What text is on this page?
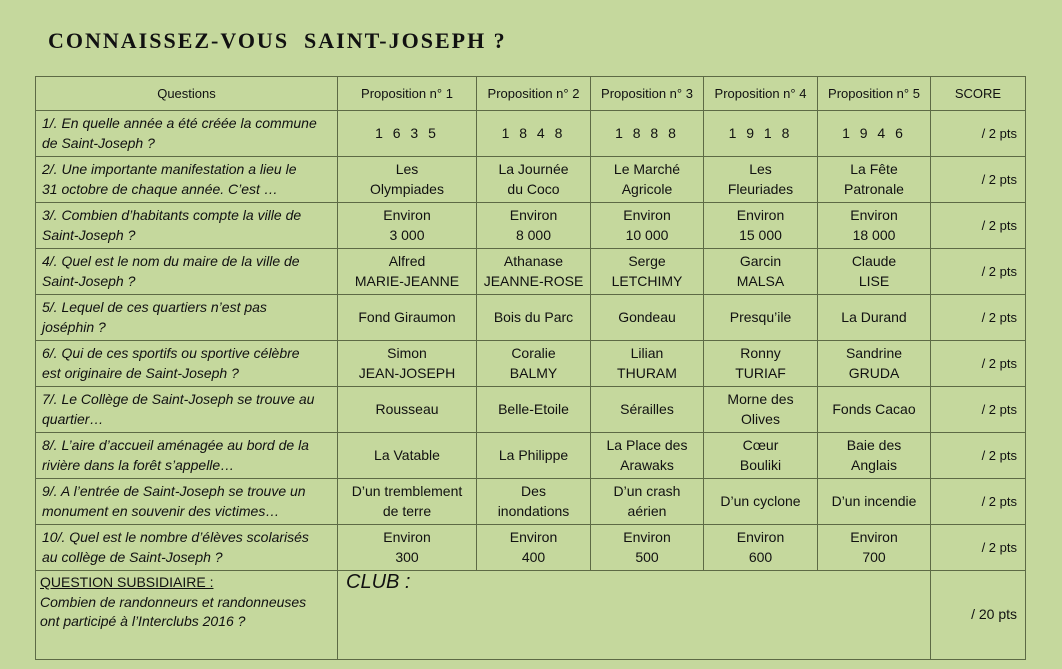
CONNAISSEZ-VOUS  SAINT-JOSEPH ?
Questions	Proposition n° 1	Proposition n° 2	Proposition n° 3	Proposition n° 4	Proposition n° 5	SCORE

1/. En quelle année a été créée la commune
de Saint-Joseph ?	1 6 3 5	1 8 4 8	1 8 8 8	1 9 1 8	1 9 4 6	/ 2 pts

2/. Une importante manifestation a lieu le
31 octobre de chaque année. C’est …	Les
Olympiades	La Journée
du Coco	Le Marché
Agricole	Les
Fleuriades	La Fête
Patronale	/ 2 pts

3/. Combien d’habitants compte la ville de
Saint-Joseph ?	Environ
3 000	Environ
8 000	Environ
10 000	Environ
15 000	Environ
18 000	/ 2 pts

4/. Quel est le nom du maire de la ville de
Saint-Joseph ?	Alfred
MARIE-JEANNE	Athanase
JEANNE-ROSE	Serge
LETCHIMY	Garcin
MALSA	Claude
LISE	/ 2 pts

5/. Lequel de ces quartiers n’est pas
joséphin ?	Fond Giraumon	Bois du Parc	Gondeau	Presqu’ile	La Durand	/ 2 pts

6/. Qui de ces sportifs ou sportive célèbre
est originaire de Saint-Joseph ?	Simon
JEAN-JOSEPH	Coralie
BALMY	Lilian
THURAM	Ronny
TURIAF	Sandrine
GRUDA	/ 2 pts

7/. Le Collège de Saint-Joseph se trouve au
quartier…	Rousseau	Belle-Etoile	Sérailles	Morne des
Olives	Fonds Cacao	/ 2 pts

8/. L’aire d’accueil aménagée au bord de la
rivière dans la forêt s’appelle…	La Vatable	La Philippe	La Place des
Arawaks	Cœur
Bouliki	Baie des
Anglais	/ 2 pts

9/. A l’entrée de Saint-Joseph se trouve un
monument en souvenir des victimes…	D’un tremblement
de terre	Des
inondations	D’un crash
aérien	D’un cyclone	D’un incendie	/ 2 pts

10/. Quel est le nombre d’élèves scolarisés
au collège de Saint-Joseph ?	Environ
300	Environ
400	Environ
500	Environ
600	Environ
700	/ 2 pts

QUESTION SUBSIDIAIRE :
Combien de randonneurs et randonneuses
ont participé à l’Interclubs 2016 ?	CLUB :					/ 20 pts
